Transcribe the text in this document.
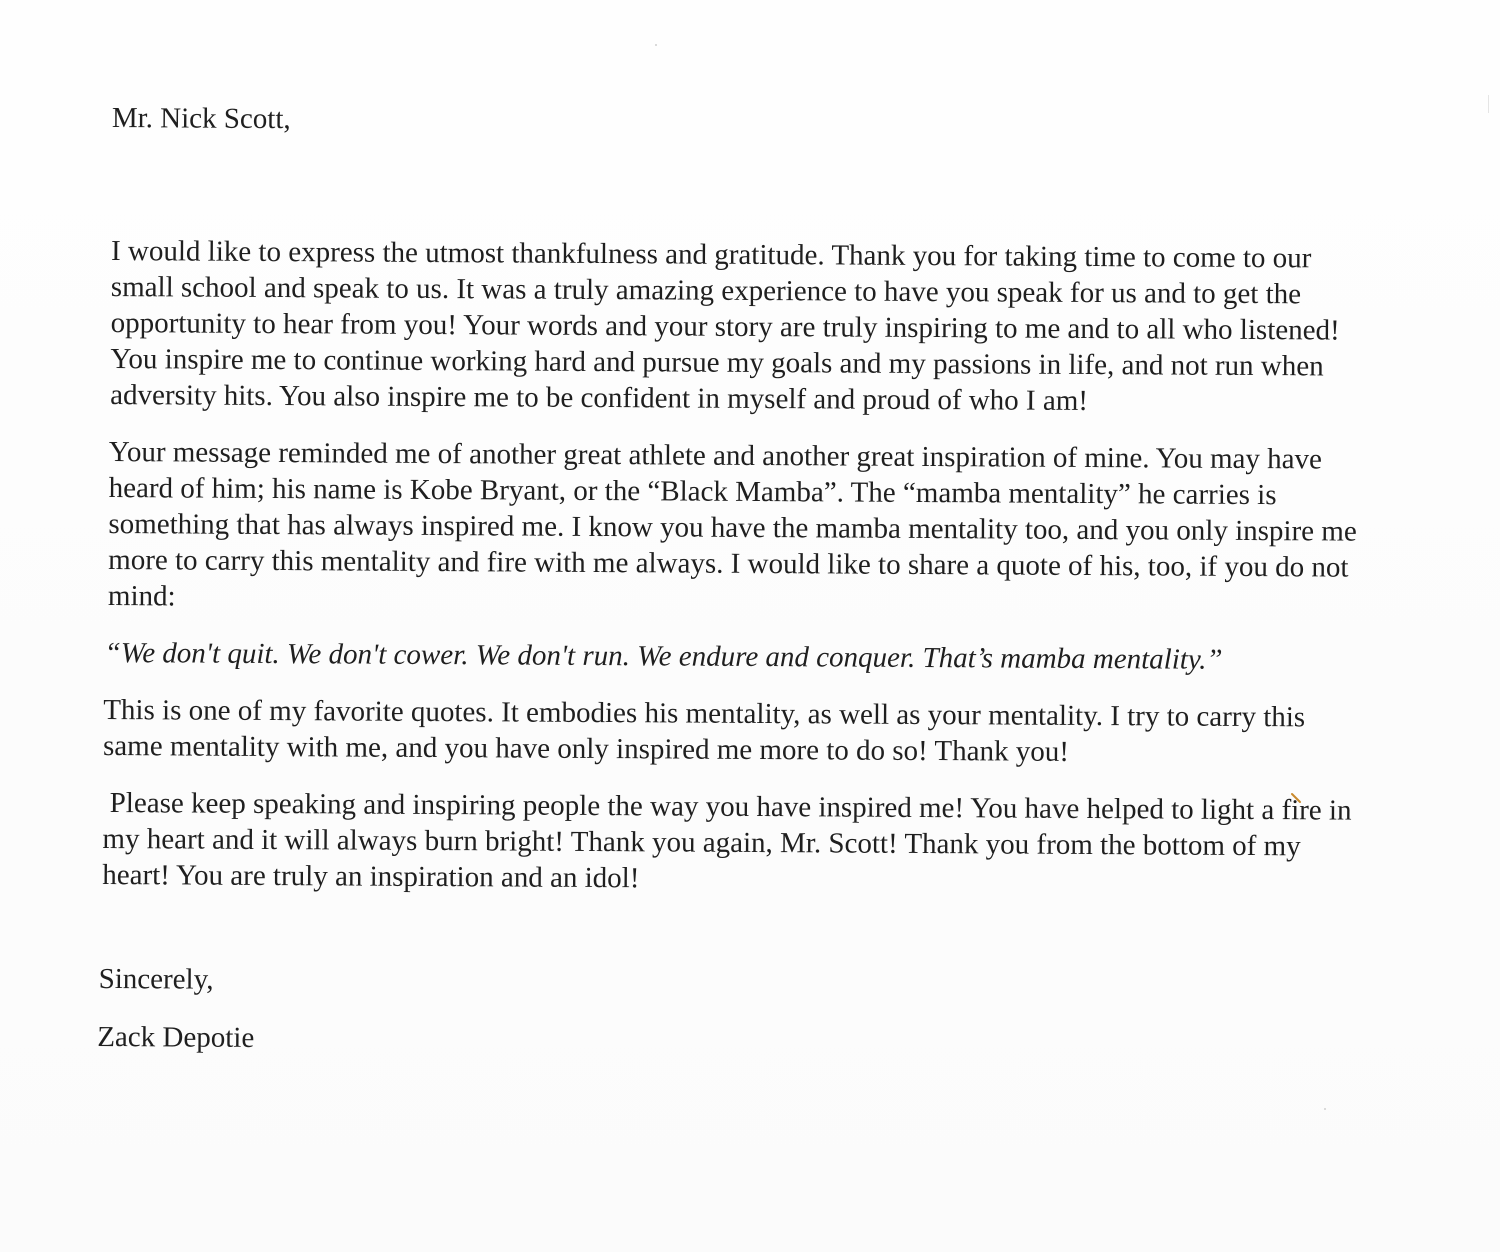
Mr. Nick Scott,

I would like to express the utmost thankfulness and gratitude. Thank you for taking time to come to our small school and speak to us. It was a truly amazing experience to have you speak for us and to get the opportunity to hear from you! Your words and your story are truly inspiring to me and to all who listened! You inspire me to continue working hard and pursue my goals and my passions in life, and not run when adversity hits. You also inspire me to be confident in myself and proud of who I am!

Your message reminded me of another great athlete and another great inspiration of mine. You may have heard of him; his name is Kobe Bryant, or the “Black Mamba”. The “mamba mentality” he carries is something that has always inspired me. I know you have the mamba mentality too, and you only inspire me more to carry this mentality and fire with me always. I would like to share a quote of his, too, if you do not mind:

“We don't quit. We don't cower. We don't run. We endure and conquer. That’s mamba mentality.”

This is one of my favorite quotes. It embodies his mentality, as well as your mentality. I try to carry this same mentality with me, and you have only inspired me more to do so! Thank you!

Please keep speaking and inspiring people the way you have inspired me! You have helped to light a fire in my heart and it will always burn bright! Thank you again, Mr. Scott! Thank you from the bottom of my heart! You are truly an inspiration and an idol!

Sincerely,
Zack Depotie
